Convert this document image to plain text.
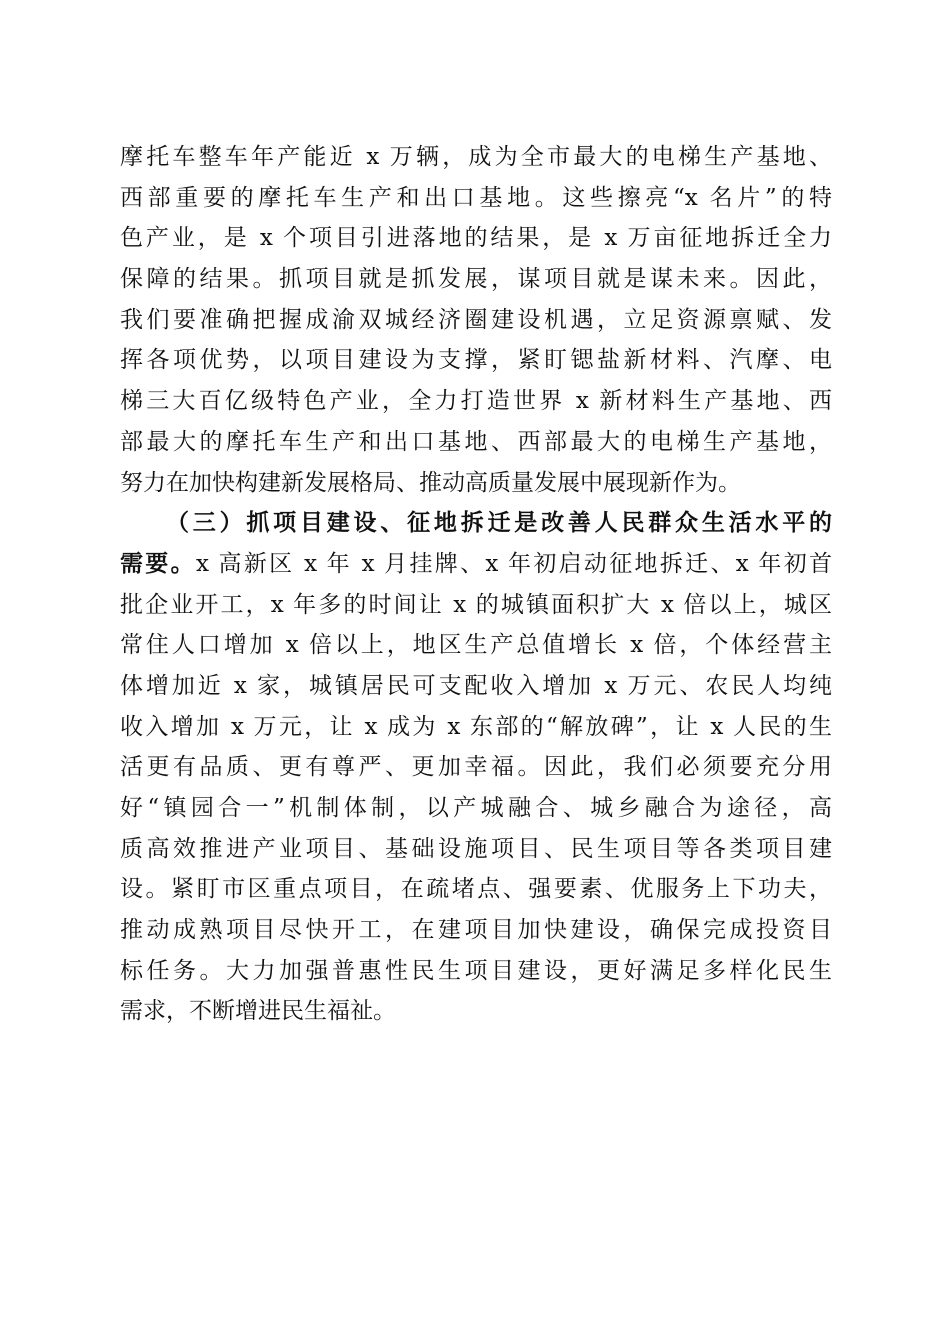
摩托车整车年产能近 x 万辆，成为全市最大的电梯生产基地、
西部重要的摩托车生产和出口基地。这些擦亮“x 名片”的特
色产业，是 x 个项目引进落地的结果，是 x 万亩征地拆迁全力
保障的结果。抓项目就是抓发展，谋项目就是谋未来。因此，
我们要准确把握成渝双城经济圈建设机遇，立足资源禀赋、发
挥各项优势，以项目建设为支撑，紧盯锶盐新材料、汽摩、电
梯三大百亿级特色产业，全力打造世界 x 新材料生产基地、西
部最大的摩托车生产和出口基地、西部最大的电梯生产基地，
努力在加快构建新发展格局、推动高质量发展中展现新作为。
（三）抓项目建设、征地拆迁是改善人民群众生活水平的
需要。x 高新区 x 年 x 月挂牌、x 年初启动征地拆迁、x 年初首
批企业开工，x 年多的时间让 x 的城镇面积扩大 x 倍以上，城区
常住人口增加 x 倍以上，地区生产总值增长 x 倍，个体经营主
体增加近 x 家，城镇居民可支配收入增加 x 万元、农民人均纯
收入增加 x 万元，让 x 成为 x 东部的“解放碑”，让 x 人民的生
活更有品质、更有尊严、更加幸福。因此，我们必须要充分用
好“镇园合一”机制体制，以产城融合、城乡融合为途径，高
质高效推进产业项目、基础设施项目、民生项目等各类项目建
设。紧盯市区重点项目，在疏堵点、强要素、优服务上下功夫，
推动成熟项目尽快开工，在建项目加快建设，确保完成投资目
标任务。大力加强普惠性民生项目建设，更好满足多样化民生
需求，不断增进民生福祉。
